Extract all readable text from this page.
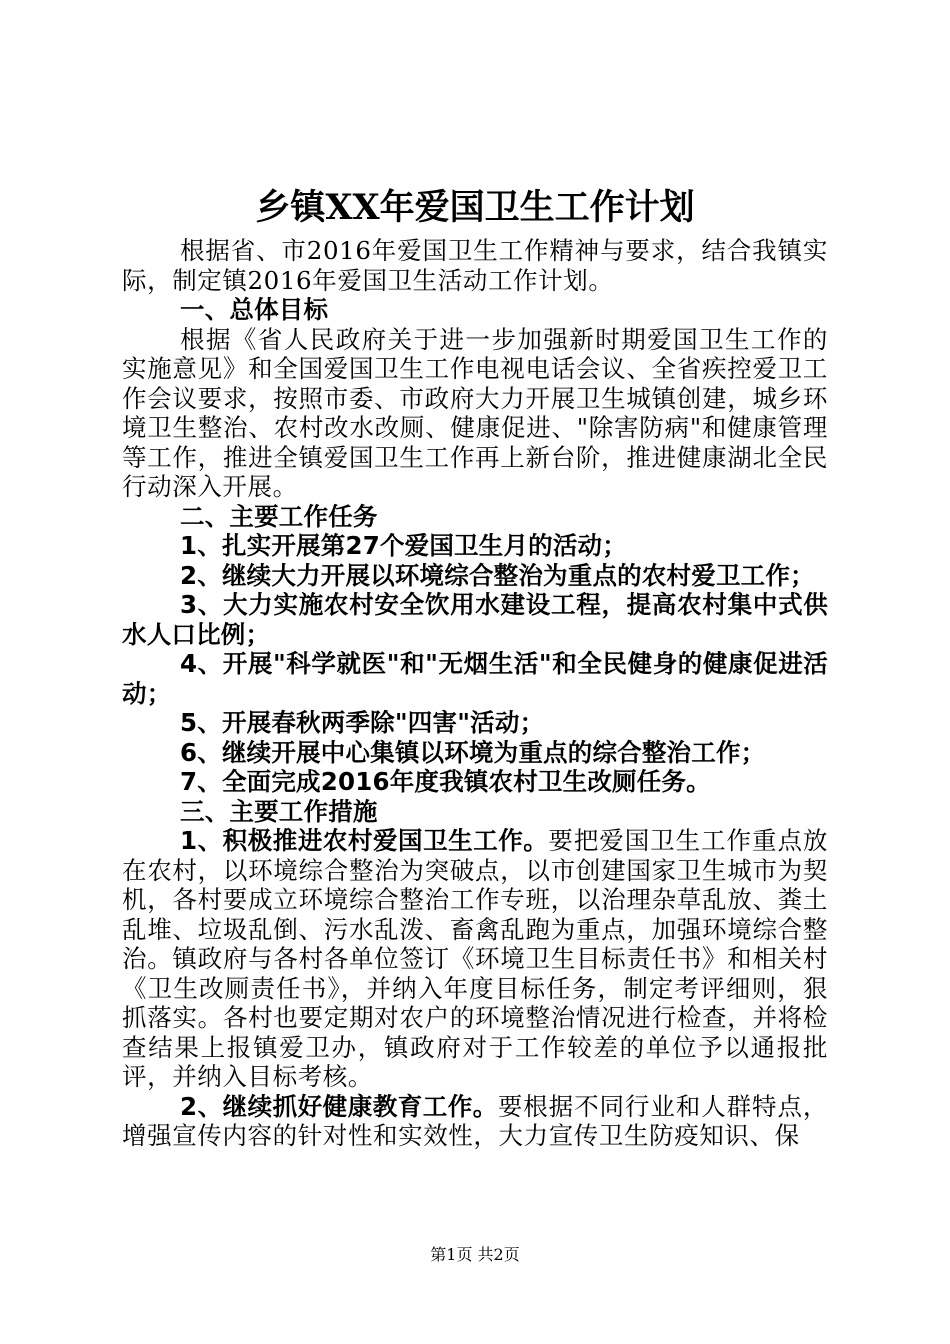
乡镇XX年爱国卫生工作计划

根据省、市2016年爱国卫生工作精神与要求，结合我镇实际，制定镇2016年爱国卫生活动工作计划。

一、总体目标

根据《省人民政府关于进一步加强新时期爱国卫生工作的实施意见》和全国爱国卫生工作电视电话会议、全省疾控爱卫工作会议要求，按照市委、市政府大力开展卫生城镇创建，城乡环境卫生整治、农村改水改厕、健康促进、"除害防病"和健康管理等工作，推进全镇爱国卫生工作再上新台阶，推进健康湖北全民行动深入开展。

二、主要工作任务

1、扎实开展第27个爱国卫生月的活动；

2、继续大力开展以环境综合整治为重点的农村爱卫工作；

3、大力实施农村安全饮用水建设工程，提高农村集中式供水人口比例；

4、开展"科学就医"和"无烟生活"和全民健身的健康促进活动；

5、开展春秋两季除"四害"活动；

6、继续开展中心集镇以环境为重点的综合整治工作；

7、全面完成2016年度我镇农村卫生改厕任务。

三、主要工作措施

1、积极推进农村爱国卫生工作。要把爱国卫生工作重点放在农村，以环境综合整治为突破点，以市创建国家卫生城市为契机，各村要成立环境综合整治工作专班，以治理杂草乱放、粪土乱堆、垃圾乱倒、污水乱泼、畜禽乱跑为重点，加强环境综合整治。镇政府与各村各单位签订《环境卫生目标责任书》和相关村《卫生改厕责任书》，并纳入年度目标任务，制定考评细则，狠抓落实。各村也要定期对农户的环境整治情况进行检查，并将检查结果上报镇爱卫办，镇政府对于工作较差的单位予以通报批评，并纳入目标考核。

2、继续抓好健康教育工作。要根据不同行业和人群特点，增强宣传内容的针对性和实效性，大力宣传卫生防疫知识、保

第1页 共2页
